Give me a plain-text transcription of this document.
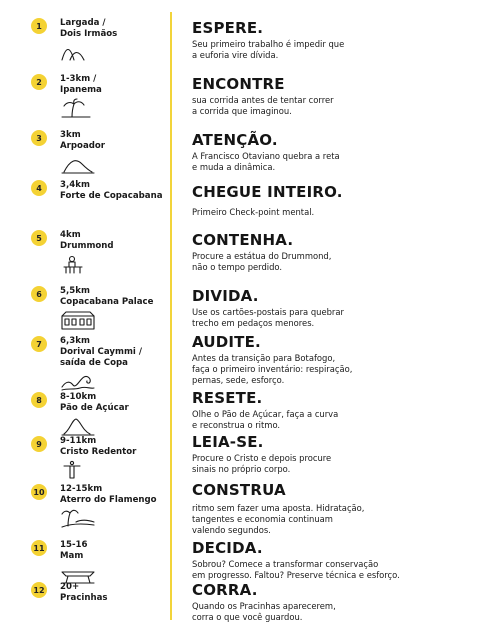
1	Largada /
Dois Irmãos	ESPERE.
Seu primeiro trabalho é impedir que
a euforia vire dívida.
2	1-3km /
Ipanema	ENCONTRE
sua corrida antes de tentar correr
a corrida que imaginou.
3	3km
Arpoador	ATENÇÃO.
A Francisco Otaviano quebra a reta
e muda a dinâmica.
4	3,4km
Forte de Copacabana	CHEGUE INTEIRO.
Primeiro Check-point mental.
5	4km
Drummond	CONTENHA.
Procure a estátua do Drummond,
não o tempo perdido.
6	5,5km
Copacabana Palace	DIVIDA.
Use os cartões-postais para quebrar
trecho em pedaços menores.
7	6,3km
Dorival Caymmi /
saída de Copa
AUDITE.
Antes da transição para Botafogo,
faça o primeiro inventário: respiração,
pernas, sede, esforço.
8	8-10km
Pão de Açúcar
RESETE.
Olhe o Pão de Açúcar, faça a curva
e reconstrua o ritmo.
9	9-11km
Cristo Redentor
LEIA-SE.
Procure o Cristo e depois procure
sinais no próprio corpo.
10 12-15km
Aterro do Flamengo
CONSTRUA
ritmo sem fazer uma aposta. Hidratação,
tangentes e economia continuam
valendo segundos.
11 15-16
Mam	DECIDA.
Sobrou? Comece a transformar conservação
em progresso. Faltou? Preserve técnica e esforço.
12 20+
Pracinhas	CORRA.
Quando os Pracinhas aparecerem,
corra o que você guardou.
